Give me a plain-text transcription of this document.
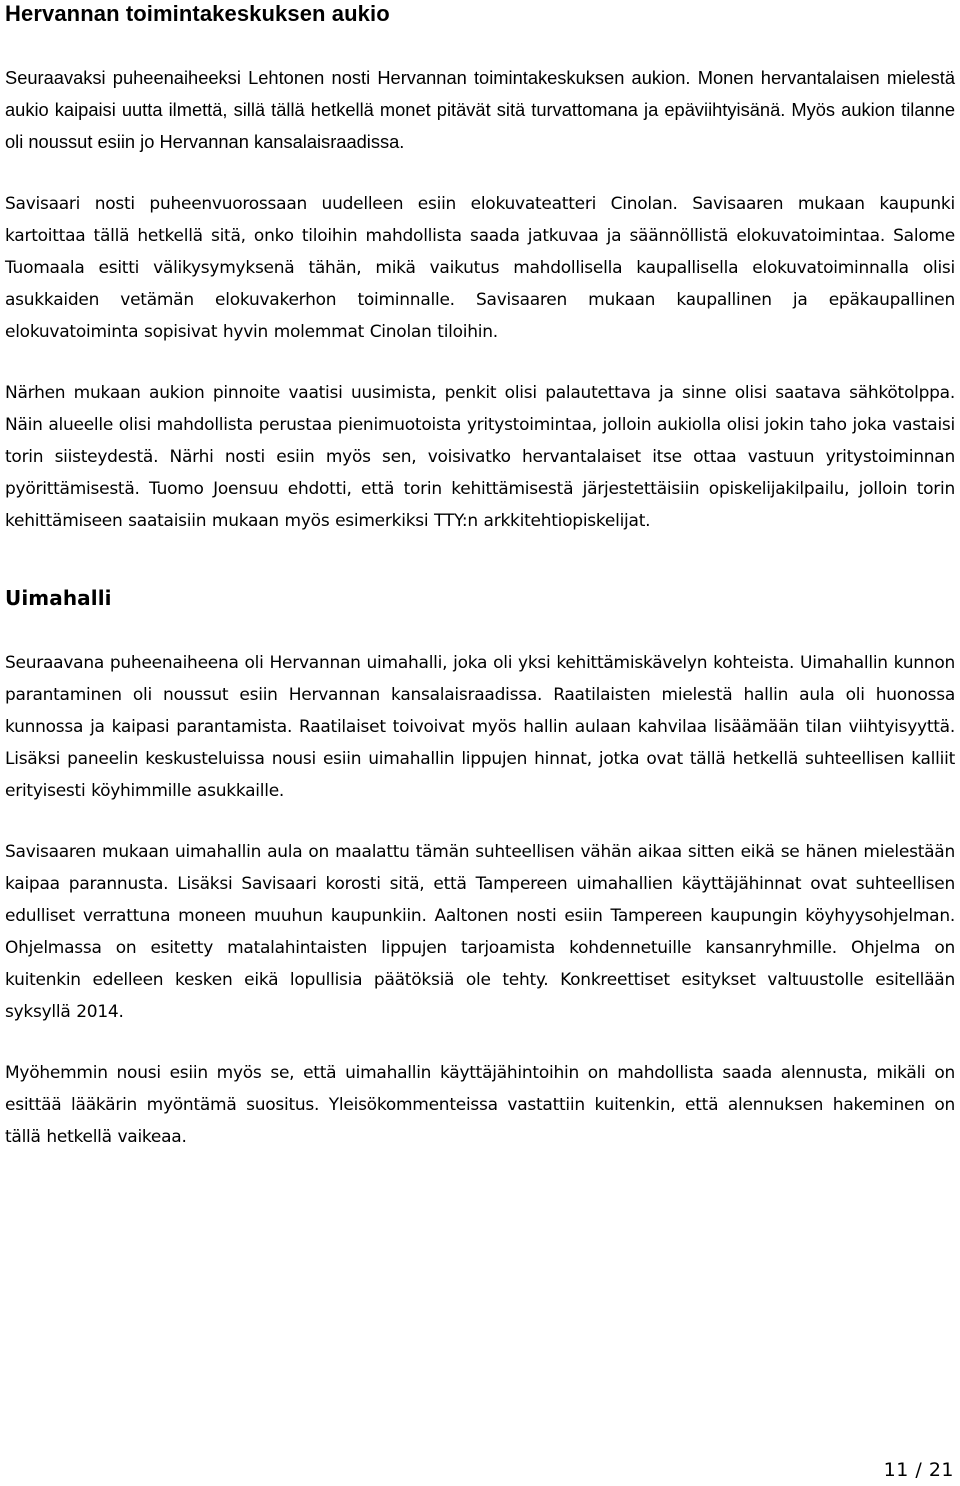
Hervannan toimintakeskuksen aukio

Seuraavaksi puheenaiheeksi Lehtonen nosti Hervannan toimintakeskuksen aukion. Monen hervantalaisen mielestä aukio kaipaisi uutta ilmettä, sillä tällä hetkellä monet pitävät sitä turvattomana ja epäviihtyisänä. Myös aukion tilanne oli noussut esiin jo Hervannan kansalaisraadissa.

Savisaari nosti puheenvuorossaan uudelleen esiin elokuvateatteri Cinolan. Savisaaren mukaan kaupunki kartoittaa tällä hetkellä sitä, onko tiloihin mahdollista saada jatkuvaa ja säännöllistä elokuvatoimintaa. Salome Tuomaala esitti välikysymyksenä tähän, mikä vaikutus mahdollisella kaupallisella elokuvatoiminnalla olisi asukkaiden vetämän elokuvakerhon toiminnalle. Savisaaren mukaan kaupallinen ja epäkaupallinen elokuvatoiminta sopisivat hyvin molemmat Cinolan tiloihin.

Närhen mukaan aukion pinnoite vaatisi uusimista, penkit olisi palautettava ja sinne olisi saatava sähkötolppa. Näin alueelle olisi mahdollista perustaa pienimuotoista yritystoimintaa, jolloin aukiolla olisi jokin taho joka vastaisi torin siisteydestä. Närhi nosti esiin myös sen, voisivatko hervantalaiset itse ottaa vastuun yritystoiminnan pyörittämisestä. Tuomo Joensuu ehdotti, että torin kehittämisestä järjestettäisiin opiskelijakilpailu, jolloin torin kehittämiseen saataisiin mukaan myös esimerkiksi TTY:n arkkitehtiopiskelijat.

Uimahalli

Seuraavana puheenaiheena oli Hervannan uimahalli, joka oli yksi kehittämiskävelyn kohteista. Uimahallin kunnon parantaminen oli noussut esiin Hervannan kansalaisraadissa. Raatilaisten mielestä hallin aula oli huonossa kunnossa ja kaipasi parantamista. Raatilaiset toivoivat myös hallin aulaan kahvilaa lisäämään tilan viihtyisyyttä. Lisäksi paneelin keskusteluissa nousi esiin uimahallin lippujen hinnat, jotka ovat tällä hetkellä suhteellisen kalliit erityisesti köyhimmille asukkaille.

Savisaaren mukaan uimahallin aula on maalattu tämän suhteellisen vähän aikaa sitten eikä se hänen mielestään kaipaa parannusta. Lisäksi Savisaari korosti sitä, että Tampereen uimahallien käyttäjähinnat ovat suhteellisen edulliset verrattuna moneen muuhun kaupunkiin. Aaltonen nosti esiin Tampereen kaupungin köyhyysohjelman. Ohjelmassa on esitetty matalahintaisten lippujen tarjoamista kohdennetuille kansanryhmille. Ohjelma on kuitenkin edelleen kesken eikä lopullisia päätöksiä ole tehty. Konkreettiset esitykset valtuustolle esitellään syksyllä 2014.

Myöhemmin nousi esiin myös se, että uimahallin käyttäjähintoihin on mahdollista saada alennusta, mikäli on esittää lääkärin myöntämä suositus. Yleisökommenteissa vastattiin kuitenkin, että alennuksen hakeminen on tällä hetkellä vaikeaa.

11 / 21
